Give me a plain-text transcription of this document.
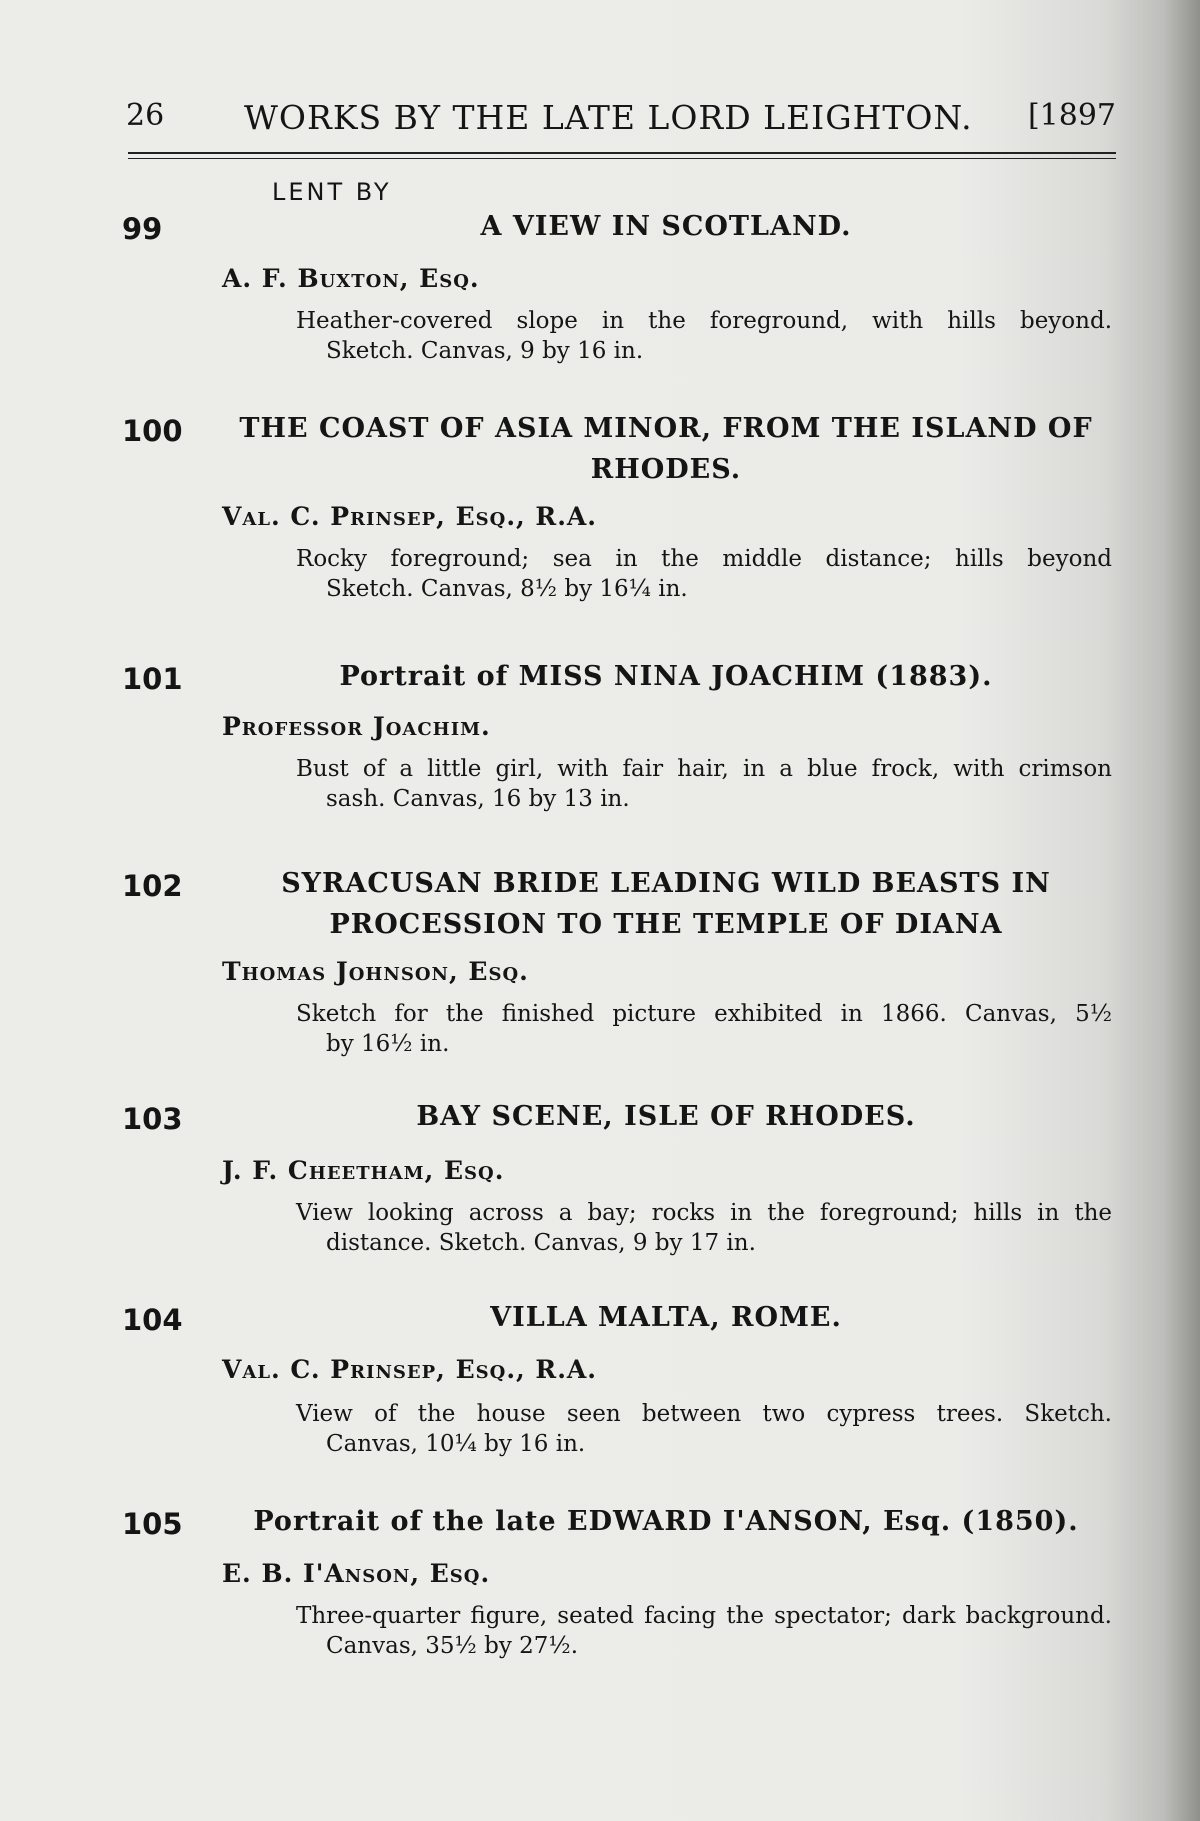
26 WORKS BY THE LATE LORD LEIGHTON. [1897
LENT BY
99	A VIEW IN SCOTLAND.
A. F. Buxton, Esq.
Heather-covered slope in the foreground, with hills beyond.
Sketch. Canvas, 9 by 16 in.
100	THE COAST OF ASIA MINOR, FROM THE ISLAND OF RHODES.
Val. C. Prinsep, Esq., R.A.
Rocky foreground; sea in the middle distance; hills beyond
Sketch. Canvas, 8½ by 16¼ in.
101	Portrait of MISS NINA JOACHIM (1883).
Professor Joachim.
Bust of a little girl, with fair hair, in a blue frock, with crimson
sash. Canvas, 16 by 13 in.
102	SYRACUSAN BRIDE LEADING WILD BEASTS IN PROCESSION TO THE TEMPLE OF DIANA
Thomas Johnson, Esq.
Sketch for the finished picture exhibited in 1866. Canvas, 5½
by 16½ in.
103	BAY SCENE, ISLE OF RHODES.
J. F. Cheetham, Esq.
View looking across a bay; rocks in the foreground; hills in the
distance. Sketch. Canvas, 9 by 17 in.
104	VILLA MALTA, ROME.
Val. C. Prinsep, Esq., R.A.
View of the house seen between two cypress trees. Sketch.
Canvas, 10¼ by 16 in.
105	Portrait of the late EDWARD I'ANSON, Esq. (1850).
E. B. I'Anson, Esq.
Three-quarter figure, seated facing the spectator; dark background.
Canvas, 35½ by 27½.
